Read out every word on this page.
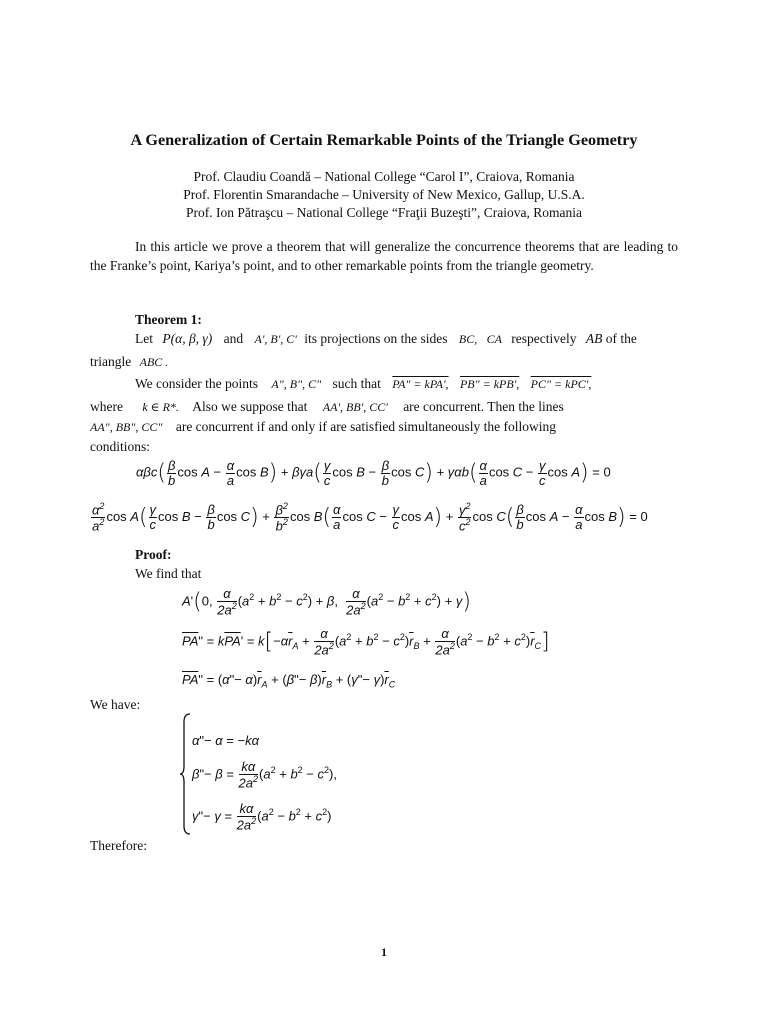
A Generalization of Certain Remarkable Points of the Triangle Geometry
Prof. Claudiu Coandă – National College “Carol I”, Craiova, Romania
Prof. Florentin Smarandache – University of New Mexico, Gallup, U.S.A.
Prof. Ion Pătraşcu – National College “Fraţii Buzeşti”, Craiova, Romania
In this article we prove a theorem that will generalize the concurrence theorems that are leading to the Franke’s point, Kariya’s point, and to other remarkable points from the triangle geometry.
Theorem 1:
Let P(α, β, γ) and A', B', C' its projections on the sides BC, CA respectively AB of the
triangle ABC .
We consider the points A", B", C" such that PA" = kPA', PB" = kPB', PC" = kPC',
where k ∈ R*. Also we suppose that AA', BB', CC' are concurrent. Then the lines
AA", BB", CC" are concurrent if and only if are satisfied simultaneously the following
conditions:
$\alpha\beta c( \frac{\beta}{b}$ $\cos A - \frac{\alpha}{a}$ $\cos B) + \beta\gamma a( \frac{\gamma}{c}$ $\cos B - \frac{\beta}{b}$ $\cos C) + \gamma\alpha b( \frac{\alpha}{a}$ $\cos C - \frac{\gamma}{c}$ cos A) = 0
$\frac{\alpha^2}{a^2}$ $\cos A( \frac{\gamma}{c}$ $\cos B - \frac{\beta}{b}$ $\cos C) + \frac{\beta^2}{b^2}$ $\cos B( \frac{\alpha}{a}$ $\cos C - \frac{\gamma}{c}$ $\cos A) + \frac{\gamma^2}{c^2}$ $\cos C( \frac{\beta}{b}$ $\cos A - \frac{\alpha}{a}$ cos B) = 0
Proof:
We find that
A'(0, $\frac{\alpha}{2a^2} (a^2 + b^2 - c^2) + \beta$, $\frac{\alpha}{2a^2} (a^2 - b^2 + c^2) + \gamma$)
$\overline{PA}$" = $k\overline{PA}' = k[-\alpha\overline{r}_A + \frac{\alpha}{2a^2} (a^2 + b^2 - c^2)\overline{r}_B + \frac{\alpha}{2a^2} (a^2 - b^2 + c^2)\overline{r}_C]$
$\overline{PA}$" = (α"− $\alpha)\overline{r}_A$ + (β"− $\beta)\overline{r}_B$ + (γ"− $\gamma)\overline{r}_C$
We have:
α"− α = −kα
β"− $\beta = \frac{k\alpha}{2a^2} (a^2 + b^2 - c^2)$,
γ"− $\gamma = \frac{k\alpha}{2a^2} (a^2 - b^2 + c^2)$
Therefore:
1
